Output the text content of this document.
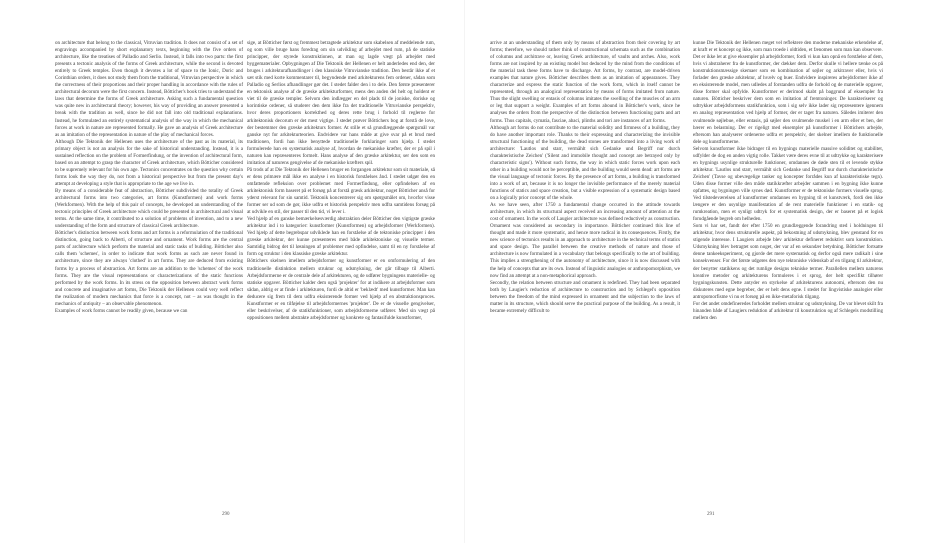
on architecture that belong to the classical, Vitruvian tradition. It does not consist of a set of engravings accompanied by short explanatory texts, beginning with the five orders of architecture, like the treatises of Palladio and Serlio. Instead, it falls into two parts: the first presents a tectonic analysis of the forms of Greek architecture, while the second is devoted entirely to Greek temples. Even though it devotes a lot of space to the Ionic, Doric and Corinthian orders, it does not study them from the traditional, Vitruvian perspective in which the correctness of their proportions and their proper handling in accordance with the rules of architectural decorum were the first concern. Instead, Bötticher's book tries to understand the laws that determine the forms of Greek architecture. Asking such a fundamental question was quite new in architectural theory; however, his way of providing an answer presented a break with the tradition as well, since he did not fall into old traditional explanations. Instead, he formulated an entirely systematical analysis of the way in which the mechanical forces at work in nature are represented formally. He gave an analysis of Greek architecture as an imitation of the representation in nature of the play of mechanical forces.

Although Die Tektonik der Hellenen uses the architecture of the past as its material, its primary object is not an analysis for the sake of historical understanding. Instead, it is a sustained reflection on the problem of Formerfindung, or the invention of architectural form, based on an attempt to grasp the character of Greek architecture, which Bötticher considered to be supremely relevant for his own age. Tectonics concentrates on the question why certain forms look the way they do, not from a historical perspective but from the present day's attempt at developing a style that is appropriate to the age we live in.

By means of a considerable feat of abstraction, Bötticher subdivided the totality of Greek architectural forms into two categories, art forms (Kunstformen) and work forms (Werkformen). With the help of this pair of concepts, he developed an understanding of the tectonic principles of Greek architecture which could be presented in architectural and visual terms. At the same time, it contributed to a solution of problems of invention, and to a new understanding of the form and structure of classical Greek architecture.

Bötticher's distinction between work forms and art forms is a reformulation of the traditional distinction, going back to Alberti, of structure and ornament. Work forms are the central parts of architecture which perform the material and static tasks of building. Bötticher also calls them 'schemes', in order to indicate that work forms as such are never found in architecture, since they are always 'clothed' in art forms. They are deduced from existing forms by a process of abstraction. Art forms are an addition to the 'schemes' of the work forms. They are the visual representations or characterizations of the static functions performed by the work forms. In its stress on the opposition between abstract work forms and concrete and imaginative art forms, Die Tektonik der Hellenen could very well reflect the realization of modern mechanics that force is a concept, not – as was thought in the mechanics of antiquity – an observable phenomenon.

Examples of work forms cannot be readily given, because we can

sige, at Bötticher først og fremmest betragtede arkitektur som skabelsen af meddelende rum, og som ville bruge hans foredrag om sin udvikling af arbejdet med rum, på de statiske principper, der styrede konstruktionen, at man og lagde vægt på arbejdet med byggematerialer. Opbygningen af Die Tektonik der Hellenen er helt anderledes end den, der bruges i arkitekturafhandlinger i den klassiske Vitruvianske tradition. Den består ikke af et sæt stik med korte kommentarer til, begyndende med arkitekturens fem ordener, sådan som Palladio og Serlios afhandlinger gør det. I stedet falder den i to dele. Den første præsenterer en tektonisk analyse af de græske arkitekturformer, mens den anden del helt og holdent er viet til de græske templer. Selvom den indlægger en del plads til de joniske, doriske og korintiske ordener, så studerer den dem ikke fra det traditionelle Vitruvianske perspektiv, hvor deres proportioners korrekthed og deres rette brug i forhold til reglerne for arkitektonisk decorum er det mest vigtige. I stedet prøver Böttichers bog at forstå de love, der bestemmer den græske arkitekturs former. At stille et så grundlæggende spørgsmål var ganske nyt for arkitekturteorien. Endvidere var hans måde at give svar på et brud med traditionen, fordi han ikke benyttede traditionelle forklaringer som hjælp. I stedet formulerede han en systematisk analyse af, hvordan de mekaniske kræfter, der er på spil i naturen kan repræsenteres formelt. Hans analyse af den græske arkitektur, ser den som en imitation af naturens gengivelse af de mekaniske kræfters spil.

På trods af at Die Tektonik der Hellenen bruger en forgangen arkitektur som sit materiale, så er dens primære mål ikke en analyse i en historisk forståelses ånd. I stedet udgør den en omfattende refleksion over problemet med Formerfindung, eller opfindelsen af en arkitektonisk form baseret på et forsøg på at forstå græsk arkitektur, noget Bötticher anså for yderst relevant for sin samtid. Tektonik koncentrerer sig om spørgsmålet om, hvorfor visse former ser ud som de gør, ikke udfra et historisk perspektiv men udfra samtidens forsøg på at udvikle en stil, der passer til den tid, vi lever i.

Ved hjælp af en ganske bemærkelsesværdig abstraktion deler Bötticher den vigtigste græske arkitektur ind i to kategorier: kunstformer (Kunstformen) og arbejdsformer (Werkformen). Ved hjælp af dette begrebspar udviklede han en forståelse af de tektoniske principper i den græske arkitektur, der kunne præsenteres med både arkitektoniske og visuelle termer. Samtidig bidrog det til løsningen af problemer med opfindelse, samt til en ny forståelse af form og struktur i den klassiske græske arkitektur.

Böttichers skelnen imellem arbejdsformer og kunstformer er en omformulering af den traditionelle distinktion mellem struktur og udsmykning, der går tilbage til Alberti. Arbejdsformerne er de centrale dele af arkitekturen, og de udfører bygningens materielle- og statiske opgaver. Bötticher kalder dem også 'projekter' for at indikere at arbejdsformer som sådan, aldrig er at finde i arkitekturen, fordi de altid er 'beklædt' med kunstformer. Man kan deducere sig frem til dem udfra eksisterende former ved hjælp af en abstraktionsproces. Kunstformer er en tilføjelse til arbejdsformernes 'projekter'. De er de visuelle gengivelser, eller beskrivelser, af de statikfunktioner, som arbejdsformerne udfører. Med sin vægt på oppositionen mellem abstrakte arbejdsformer og konkrete og fantasifulde kunstformer,

290

arrive at an understanding of them only by means of abstraction from their covering by art forms; therefore, we should rather think of constructional schemata such as the combination of columns and architrave or, leaving Greek architecture, of vaults and arches. Also, work forms are not inspired by an existing model but deduced by the mind from the conditions of the material task these forms have to discharge. Art forms, by contrast, are model-driven examples that nature gives. Bötticher describes them as an imitation of appearances. They characterize and express the static function of the work form, which in itself cannot be represented, through an analogical representation by means of forms imitated from nature. Thus the slight swelling or entasis of columns imitates the swelling of the muscles of an arm or leg that support a weight. Examples of art forms abound in Bötticher's work, since he analyses the orders from the perspective of the distinction between functioning parts and art forms. Thus capitals, cymatia, fasciae, abaci, plinths and tori are instances of art forms.

Although art forms do not contribute to the material solidity and firmness of a building, they do have another important role. Thanks to their expressing and characterizing the invisible structural functioning of the building, the dead stones are transformed into a living work of architecture: 'Lautlos und starr, vermählt sich Gedanke und Begriff nur durch charakteristische Zeichen' ('Silent and immobile thought and concept are betrayed only by characteristic signs'). Without such forms, the way in which static forces work upon each other in a building would not be perceptible, and the building would seem dead: art forms are the visual language of tectonic forces. By the presence of art forms, a building is transformed into a work of art, because it is no longer the invisible performance of the merely material functions of statics and space creation, but a visible expression of a systematic design based on a logically prior concept of the whole.

As we have seen, after 1750 a fundamental change occurred in the attitude towards architecture, in which its structural aspect received an increasing amount of attention at the cost of ornament. In the work of Laugier architecture was defined reductively as construction. Ornament was considered as secondary in importance. Bötticher continued this line of thought and made it more systematic, and hence more radical in its consequences. Firstly, the new science of tectonics results in an approach to architecture in the technical terms of statics and space design. The parallel between the creative methods of nature and those of architecture is now formulated in a vocabulary that belongs specifically to the art of building. This implies a strengthening of the autonomy of architecture, since it is now discussed with the help of concepts that are its own. Instead of linguistic analogies or anthropomorphism, we now find an attempt at a non-metaphorical approach.

Secondly, the relation between structure and ornament is redefined. They had been separated both by Laugier's reduction of architecture to construction and by Schlegel's opposition between the freedom of the mind expressed in ornament and the subjection to the laws of matter in its structure, which should serve the practical purpose of the building. As a result, it became extremely difficult to

kunne Die Tektonik der Hellenen meget vel reflektere den moderne mekaniske erkendelse af, at kraft er et koncept og ikke, som man troede i oldtiden, et fænomen som man kan observere.

Det er ikke let at give eksempler på arbejdsformer, fordi vi kun kan opnå en forståelse af dem, hvis vi abstraherer fra de kunstformer, der dækker dem. Derfor skulle vi hellere tænke os på konstruktionsmæssige skemaer som en kombination af søjler og arkitraver eller, hvis vi forlader den græske arkitektur, af hvælv og buer. Endvidere inspireres arbejdsformer ikke af en eksisterende model, men udledes af forstanden udfra de forhold og de materielle opgaver, disse former skal opfylde. Kunstformer er derimod skabt på baggrund af eksempler fra naturen. Bötticher beskriver dem som en imitation af fremtoninger. De karakteriserer og udtrykker arbejdsformens statikfunktion, som i sig selv ikke lader sig repræsentere igennem en analog repræsentation ved hjælp af former, der er taget fra naturen. Således imiterer den svulmende søjlebue, eller entasis, på søjler den svulmende muskel i en arm eller et ben, der bærer en belastning. Der er rigeligt med eksempler på kunstformer i Böttichers arbejde, eftersom han analyserer ordenerne udfra et perspektiv, der skelner imellem de funktionelle dele og kunstformerne.

Selvom kunstformer ikke bidrager til en bygnings materielle massive soliditet og stabilitet, udfylder de dog en anden vigtig rolle. Takket være deres evne til at udtrykke og karakterisere en bygnings usynlige strukturelle funktioner, omdannes de døde sten til et levende stykke arkitektur. 'Lautlos und starr, vermählt sich Gedanke und Begriff nur durch charakteristische Zeichen' (Tavse og ubevægelige tanker og koncepter forrådes kun af karakteristiske tegn). Uden disse former ville den måde statikkræfter arbejder sammen i en bygning ikke kunne opfattes, og bygningen ville synes død. Kunstformer er de tektoniske formers visuelle sprog. Ved tilstedeværelsen af kunstformer omdannes en bygning til et kunstværk, fordi den ikke længere er den usynlige manifestation af de rent materielle funktioner i en statik- og rumkreation, men et synligt udtryk for et systematisk design, der er baseret på et logisk forudgående begreb om helheden.

Som vi har set, fandt der efter 1750 en grundlæggende forandring sted i holdningen til arkitektur, hvor dens strukturelle aspekt, på bekostning af udsmykning, blev genstand for en stigende interesse. I Laugiers arbejde blev arkitektur defineret reduktivt som konstruktion. Udsmykning blev betragtet som noget, der var af en sekundær betydning. Bötticher fortsatte denne tankeeksperiment, og gjorde det mere systematisk og derfor også mere radikalt i sine konsekvenser. For det første udgøres den nye tektoniske videnskab af en tilgang til arkitektur, der benytter statikkens og det rumlige designs tekniske termer. Parallellen mellem naturens kreative metoder og arkitekturens formuleres i et sprog, der helt specifikt tilhører bygningskunsten. Dette antyder en styrkelse af arkitekturens autonomi, eftersom den nu diskuteres med egne begreber, der er helt dens egne. I stedet for lingvistiske analogier eller antropomorfisme vi nu et forsøg på en ikke-metaforisk tilgang.

For det andet omdefineredes forholdet mellem struktur og udsmykning. De var blevet skilt fra hinanden både af Laugiers reduktion af arkitektur til konstruktion og af Schlegels modstilling mellem den

291
